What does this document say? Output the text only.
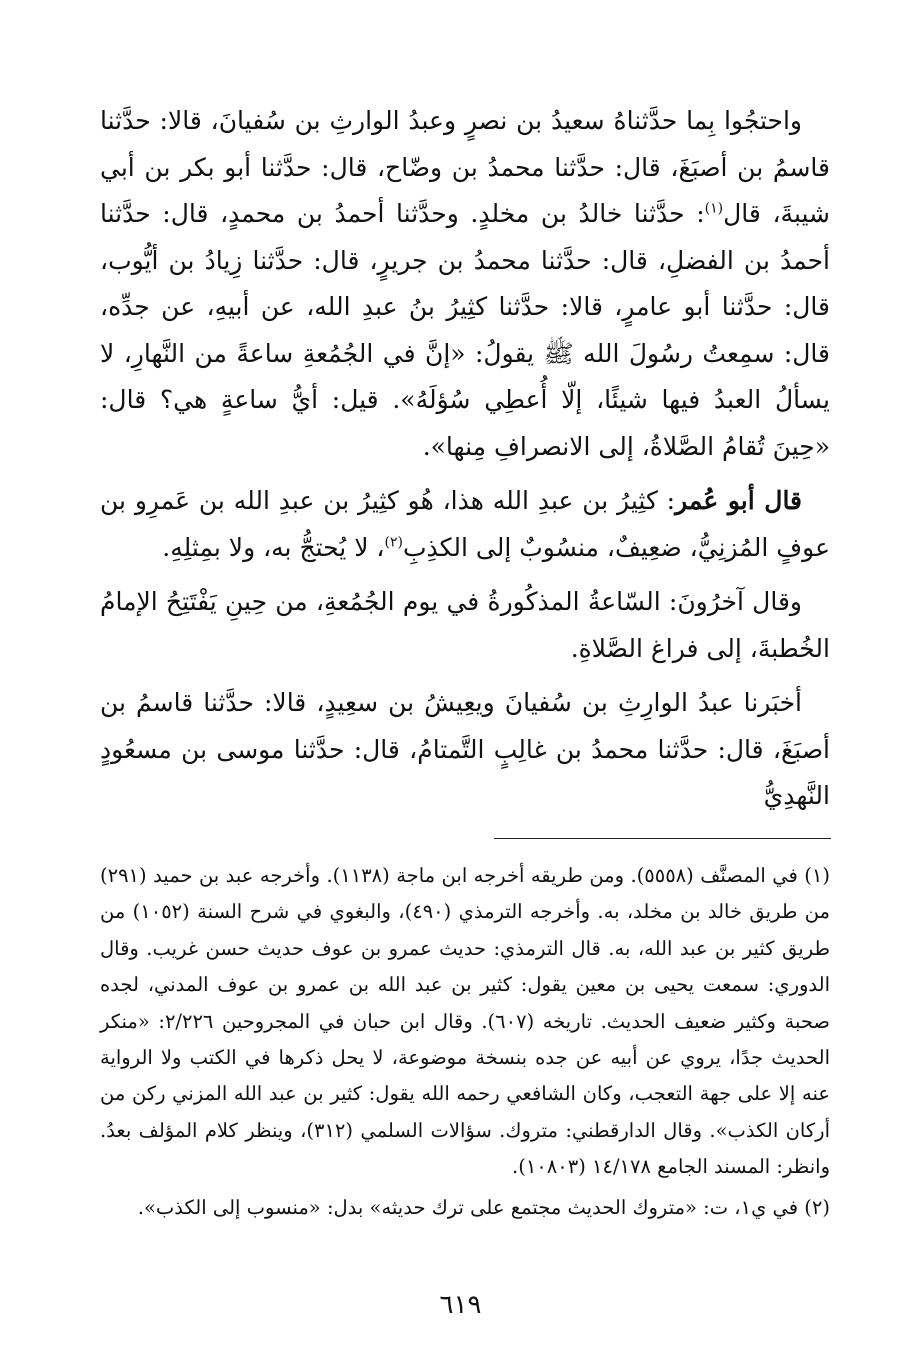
واحتجُوا بِما حدَّثناهُ سعيدُ بن نصرٍ وعبدُ الوارثِ بن سُفيانَ، قالا: حدَّثنا قاسمُ بن أصبَغَ، قال: حدَّثنا محمدُ بن وضّاح، قال: حدَّثنا أبو بكر بن أبي شيبةَ، قال$^{(١)}$: حدَّثنا خالدُ بن مخلدٍ. وحدَّثنا أحمدُ بن محمدٍ، قال: حدَّثنا أحمدُ بن الفضلِ، قال: حدَّثنا محمدُ بن جريرٍ، قال: حدَّثنا زِيادُ بن أيُّوب، قال: حدَّثنا أبو عامرٍ، قالا: حدَّثنا كثِيرُ بنُ عبدِ الله، عن أبيهِ، عن جدِّه، قال: سمِعتُ رسُولَ الله ﷺ يقولُ: «إنَّ في الجُمُعةِ ساعةً من النَّهارِ، لا يسألُ العبدُ فيها شيئًا، إلّا أُعطِي سُؤلَهُ». قيل: أيُّ ساعةٍ هي؟ قال: «حِينَ تُقامُ الصَّلاةُ، إلى الانصرافِ مِنها».

قال أبو عُمر: كثِيرُ بن عبدِ الله هذا، هُو كثِيرُ بن عبدِ الله بن عَمرِو بن عوفٍ المُزنِيُّ، ضعِيفٌ، منسُوبٌ إلى الكذِبِ$^{(٢)}$، لا يُحتجُّ به، ولا بمِثلِهِ.

وقال آخرُونَ: السّاعةُ المذكُورةُ في يوم الجُمُعةِ، من حِينِ يَفْتَتِحُ الإمامُ الخُطبةَ، إلى فراغ الصَّلاةِ.

أخبَرنا عبدُ الوارِثِ بن سُفيانَ ويعِيشُ بن سعِيدٍ، قالا: حدَّثنا قاسمُ بن أصبَغَ، قال: حدَّثنا محمدُ بن غالِبٍ التَّمتامُ، قال: حدَّثنا موسى بن مسعُودٍ النَّهدِيُّ

(١) في المصنَّف (٥٥٥٨). ومن طريقه أخرجه ابن ماجة (١١٣٨). وأخرجه عبد بن حميد (٢٩١) من طريق خالد بن مخلد، به. وأخرجه الترمذي (٤٩٠)، والبغوي في شرح السنة (١٠٥٢) من طريق كثير بن عبد الله، به. قال الترمذي: حديث عمرو بن عوف حديث حسن غريب. وقال الدوري: سمعت يحيى بن معين يقول: كثير بن عبد الله بن عمرو بن عوف المدني، لجده صحبة وكثير ضعيف الحديث. تاريخه (٦٠٧). وقال ابن حبان في المجروحين ٢/٢٢٦: «منكر الحديث جدًا، يروي عن أبيه عن جده بنسخة موضوعة، لا يحل ذكرها في الكتب ولا الرواية عنه إلا على جهة التعجب، وكان الشافعي رحمه الله يقول: كثير بن عبد الله المزني ركن من أركان الكذب». وقال الدارقطني: متروك. سؤالات السلمي (٣١٢)، وينظر كلام المؤلف بعدُ. وانظر: المسند الجامع ١٤/١٧٨ (١٠٨٠٣).

(٢) في ي١، ت: «متروك الحديث مجتمع على ترك حديثه» بدل: «منسوب إلى الكذب».

٦١٩
